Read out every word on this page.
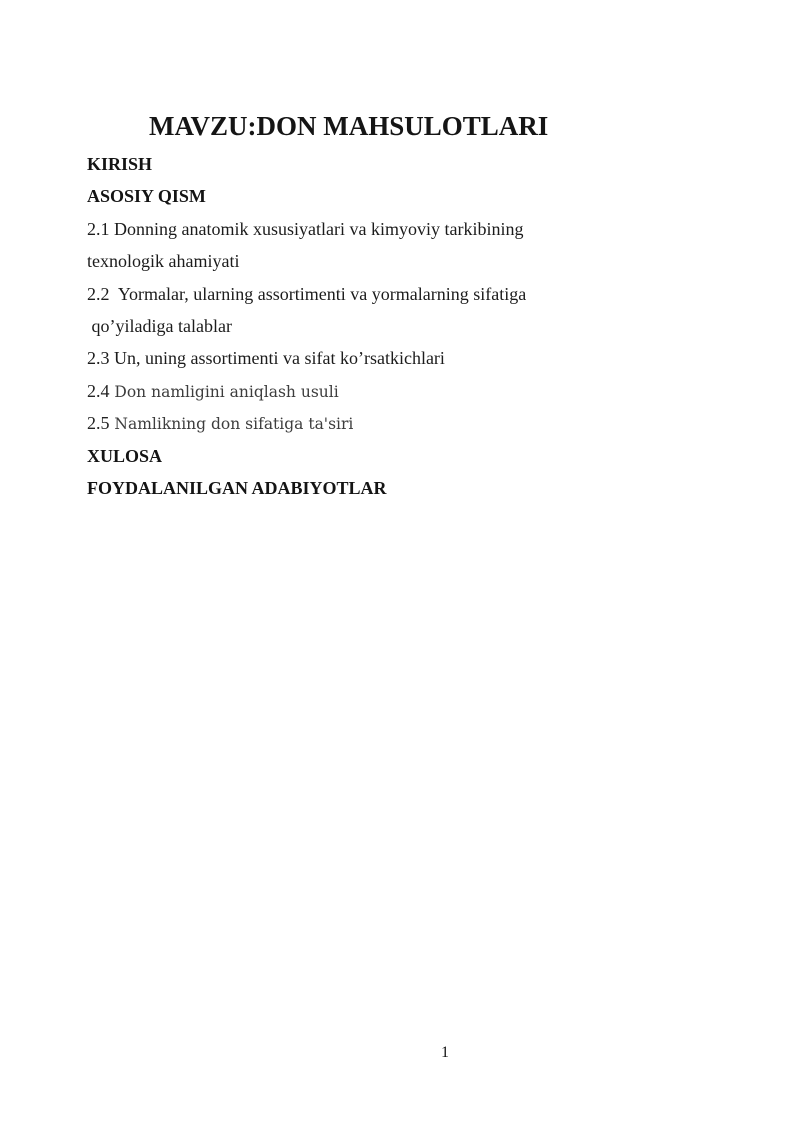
MAVZU:DON MAHSULOTLARI
KIRISH
ASOSIY QISM
2.1 Donning anatomik xususiyatlari va kimyoviy tarkibining
texnologik ahamiyati
2.2  Yormalar, ularning assortimenti va yormalarning sifatiga
qo’yiladiga talablar
2.3 Un, uning assortimenti va sifat ko’rsatkichlari
2.4 Don namligini aniqlash usuli
2.5 Namlikning don sifatiga ta'siri
XULOSA
FOYDALANILGAN ADABIYOTLAR
1
